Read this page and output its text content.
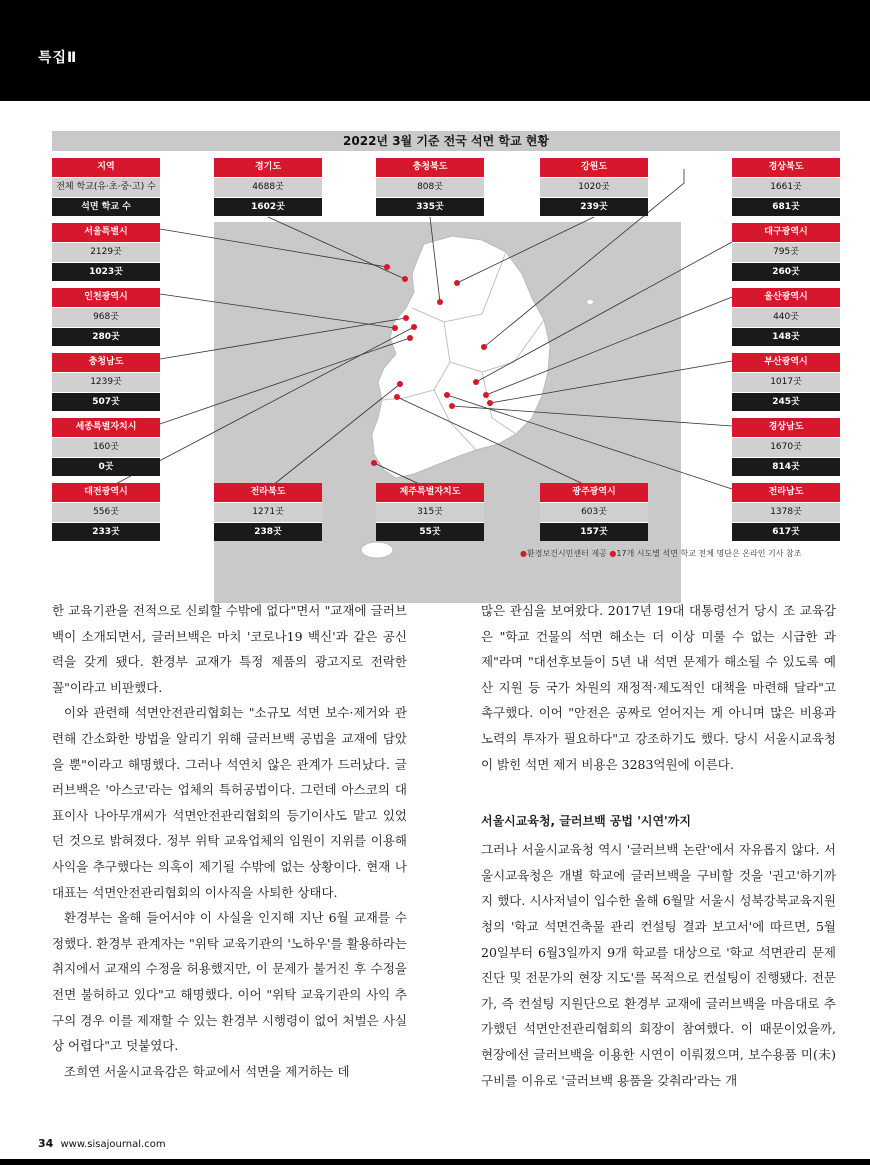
특집Ⅱ
2022년 3월 기준 전국 석면 학교 현황
지역
전체 학교(유·초·중·고) 수
석면 학교 수
경기도
4688곳
1602곳
충청북도
808곳
335곳
강원도
1020곳
239곳
경상북도
1661곳
681곳
서울특별시
2129곳
1023곳
인천광역시
968곳
280곳
충청남도
1239곳
507곳
세종특별자치시
160곳
0곳
대구광역시
795곳
260곳
울산광역시
440곳
148곳
부산광역시
1017곳
245곳
경상남도
1670곳
814곳
대전광역시
556곳
233곳
전라북도
1271곳
238곳
제주특별자치도
315곳
55곳
광주광역시
603곳
157곳
전라남도
1378곳
617곳
●환경보건시민센터 제공 ●17개 시도별 석면 학교 전체 명단은 온라인 기사 참조

한 교육기관을 전적으로 신뢰할 수밖에 없다"면서 "교재에 글러브백이 소개되면서, 글러브백은 마치 '코로나19 백신'과 같은 공신력을 갖게 됐다. 환경부 교재가 특정 제품의 광고지로 전락한 꼴"이라고 비판했다.

이와 관련해 석면안전관리협회는 "소규모 석면 보수·제거와 관련해 간소화한 방법을 알리기 위해 글러브백 공법을 교재에 담았을 뿐"이라고 해명했다. 그러나 석연치 않은 관계가 드러났다. 글러브백은 '아스코'라는 업체의 특허공법이다. 그런데 아스코의 대표이사 나아무개씨가 석면안전관리협회의 등기이사도 맡고 있었던 것으로 밝혀졌다. 정부 위탁 교육업체의 임원이 지위를 이용해 사익을 추구했다는 의혹이 제기될 수밖에 없는 상황이다. 현재 나 대표는 석면안전관리협회의 이사직을 사퇴한 상태다.

환경부는 올해 들어서야 이 사실을 인지해 지난 6월 교재를 수정했다. 환경부 관계자는 "위탁 교육기관의 '노하우'를 활용하라는 취지에서 교재의 수정을 허용했지만, 이 문제가 불거진 후 수정을 전면 불허하고 있다"고 해명했다. 이어 "위탁 교육기관의 사익 추구의 경우 이를 제재할 수 있는 환경부 시행령이 없어 처벌은 사실상 어렵다"고 덧붙였다.

조희연 서울시교육감은 학교에서 석면을 제거하는 데

많은 관심을 보여왔다. 2017년 19대 대통령선거 당시 조 교육감은 "학교 건물의 석면 해소는 더 이상 미룰 수 없는 시급한 과제"라며 "대선후보들이 5년 내 석면 문제가 해소될 수 있도록 예산 지원 등 국가 차원의 재정적·제도적인 대책을 마련해 달라"고 촉구했다. 이어 "안전은 공짜로 얻어지는 게 아니며 많은 비용과 노력의 투자가 필요하다"고 강조하기도 했다. 당시 서울시교육청이 밝힌 석면 제거 비용은 3283억원에 이른다.

서울시교육청, 글러브백 공법 '시연'까지

그러나 서울시교육청 역시 '글러브백 논란'에서 자유롭지 않다. 서울시교육청은 개별 학교에 글러브백을 구비할 것을 '권고'하기까지 했다. 시사저널이 입수한 올해 6월말 서울시 성북강북교육지원청의 '학교 석면건축물 관리 컨설팅 결과 보고서'에 따르면, 5월20일부터 6월3일까지 9개 학교를 대상으로 '학교 석면관리 문제 진단 및 전문가의 현장 지도'를 목적으로 컨설팅이 진행됐다. 전문가, 즉 컨설팅 지원단으로 환경부 교재에 글러브백을 마음대로 추가했던 석면안전관리협회의 회장이 참여했다. 이 때문이었을까, 현장에선 글러브백을 이용한 시연이 이뤄졌으며, 보수용품 미(未)구비를 이유로 '글러브백 용품을 갖춰라'라는 개

34 www.sisajournal.com
